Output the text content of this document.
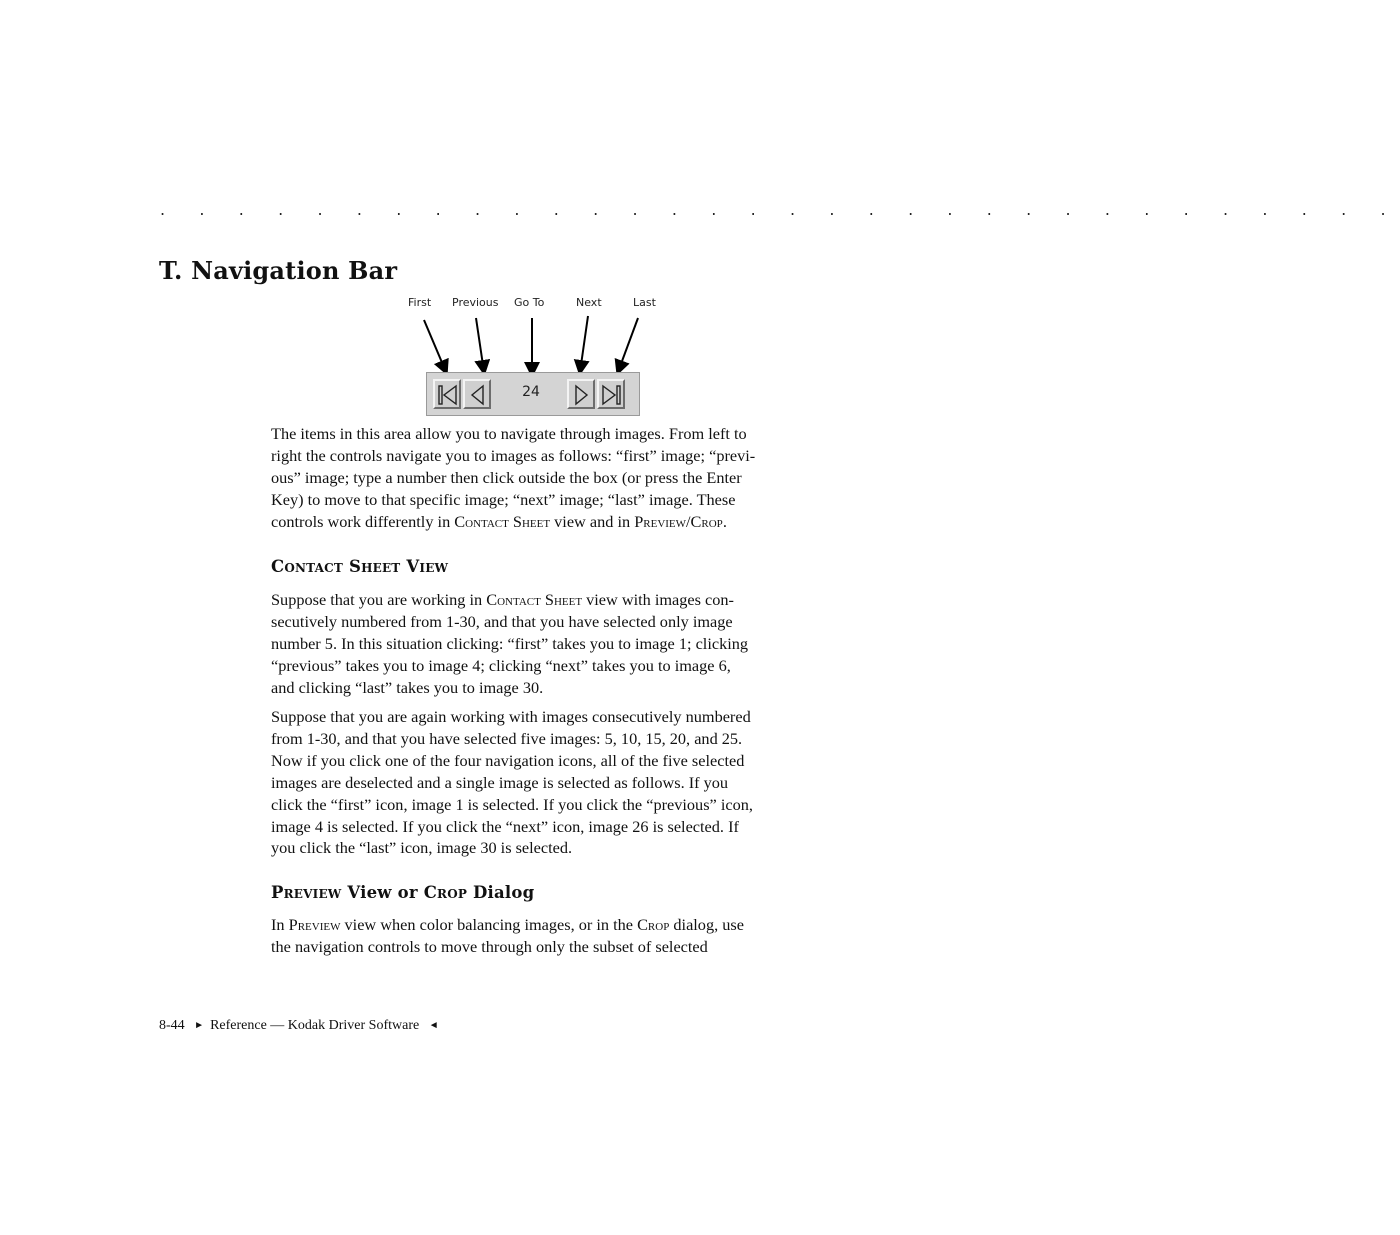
. . . . . . . . . . . . . . . . . . . . . . . . . . . . . . . .
T. Navigation Bar
First Previous Go To	Next	Last
24

The items in this area allow you to navigate through images. From left to

right the controls navigate you to images as follows: “first” image; “previ-

ous” image; type a number then click outside the box (or press the Enter

Key) to move to that specific image; “next” image; “last” image. These

controls work differently in Contact Sheet view and in Preview/Crop.

Contact Sheet View

Suppose that you are working in Contact Sheet view with images con-

secutively numbered from 1-30, and that you have selected only image

number 5. In this situation clicking: “first” takes you to image 1; clicking

“previous” takes you to image 4; clicking “next” takes you to image 6,

and clicking “last” takes you to image 30.

Suppose that you are again working with images consecutively numbered

from 1-30, and that you have selected five images: 5, 10, 15, 20, and 25.

Now if you click one of the four navigation icons, all of the five selected

images are deselected and a single image is selected as follows. If you

click the “first” icon, image 1 is selected. If you click the “previous” icon,

image 4 is selected. If you click the “next” icon, image 26 is selected. If

you click the “last” icon, image 30 is selected.

Preview View or Crop Dialog

In Preview view when color balancing images, or in the Crop dialog, use

the navigation controls to move through only the subset of selected

8-44 ► Reference — Kodak Driver Software ◄
